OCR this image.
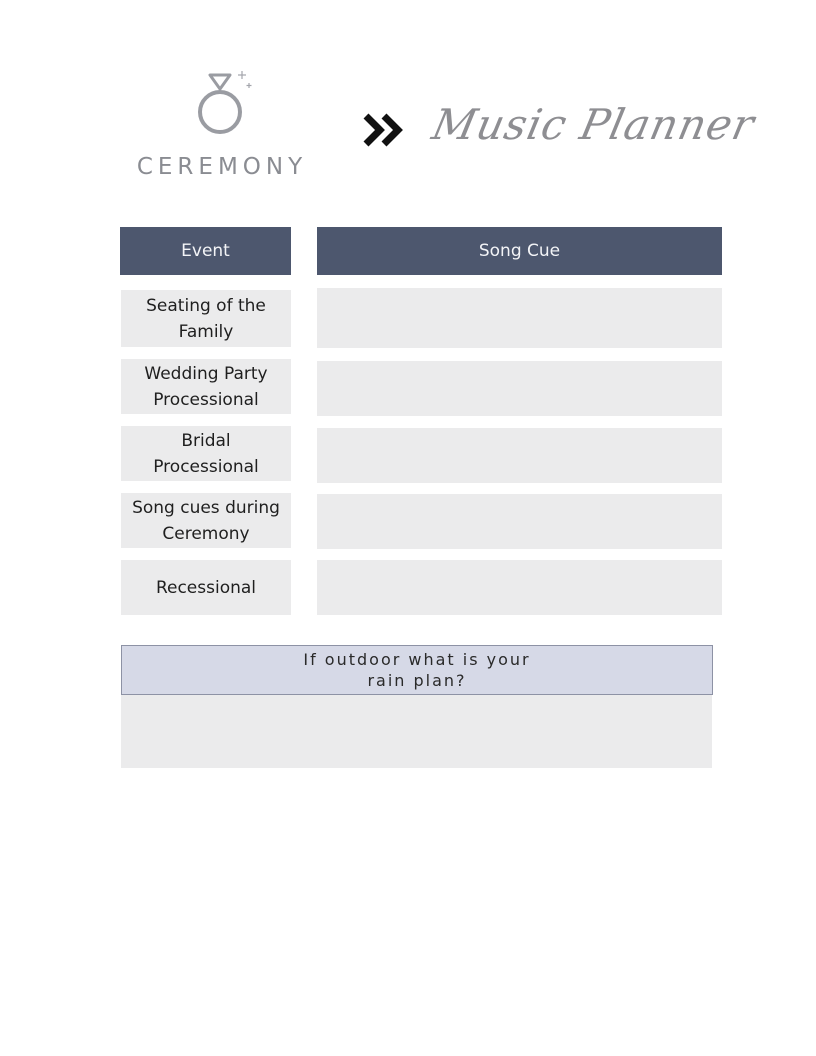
CEREMONY
Music Planner
Event	Song Cue
Seating of the
Family
Wedding Party
Processional
Bridal
Processional
Song cues during
Ceremony
Recessional
If outdoor what is your
rain plan?
